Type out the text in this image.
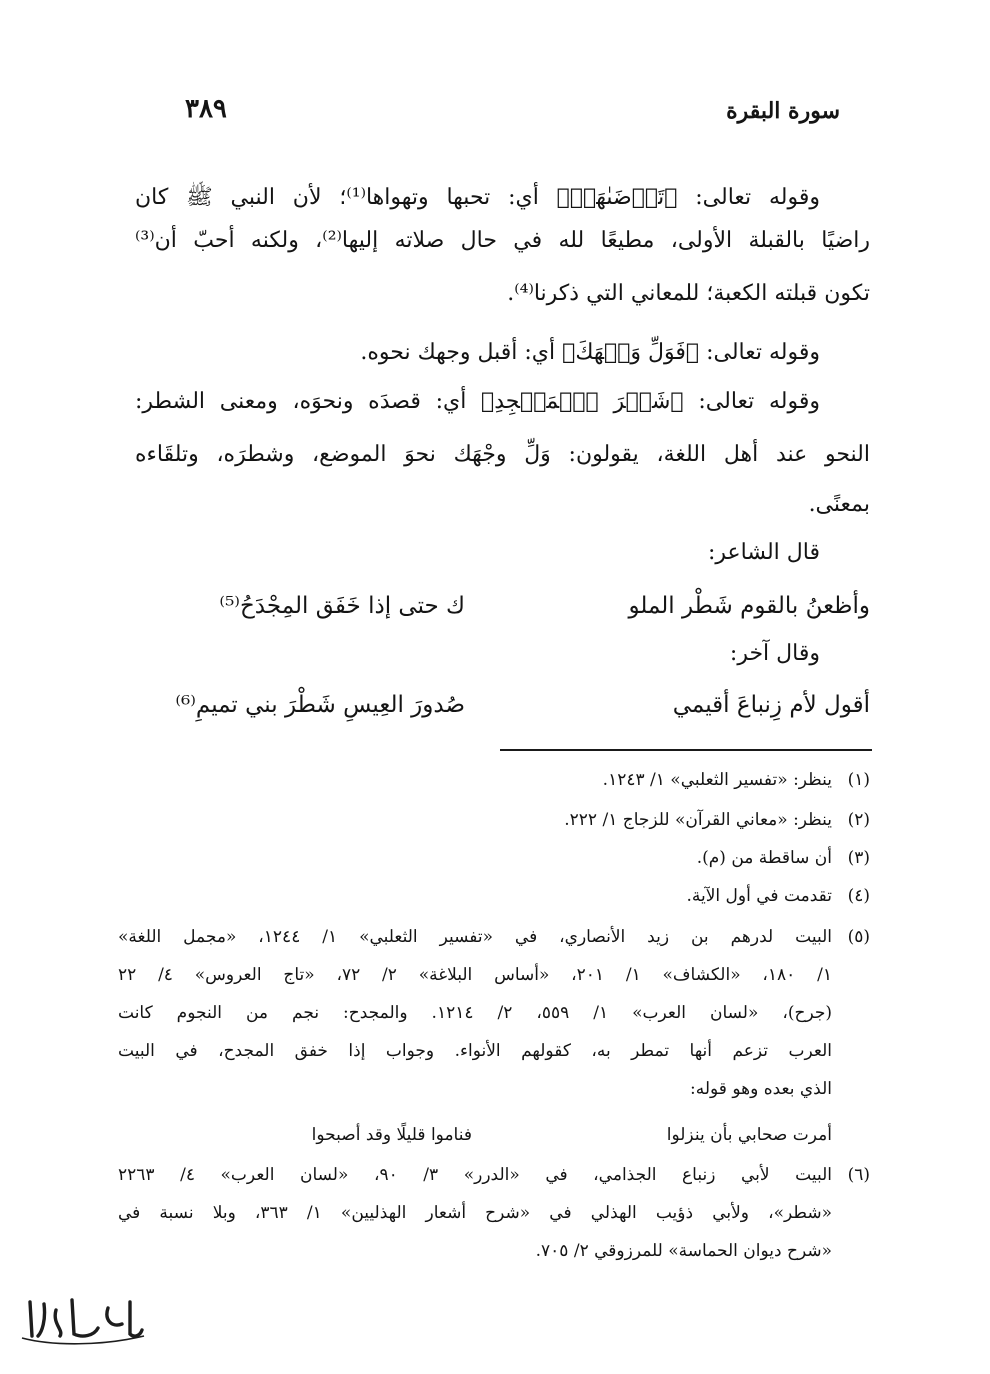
سورة البقرة
٣٨٩
وقوله تعالى: ﴿تَرۡضَىٰهَاۚ﴾ أي: تحبها وتهواها⁽¹⁾؛ لأن النبي ﷺ كان
راضيًا بالقبلة الأولى، مطيعًا لله في حال صلاته إليها⁽²⁾، ولكنه أحبّ أن⁽³⁾
تكون قبلته الكعبة؛ للمعاني التي ذكرنا⁽⁴⁾.
وقوله تعالى: ﴿فَوَلِّ وَجۡهَكَ﴾ أي: أقبل وجهك نحوه.
وقوله تعالى: ﴿شَطۡرَ ٱلۡمَسۡجِدِ﴾ أي: قصدَه ونحوَه، ومعنى الشطر:
النحو عند أهل اللغة، يقولون: وَلِّ وجْهَك نحوَ الموضع، وشطرَه، وتلقَاءه
بمعنًى.
قال الشاعر:
وأظعنُ بالقوم شَطْر الملو
ك حتى إذا خَفَق المِجْدَحُ⁽⁵⁾
وقال آخر:
أقول لأم زِنباعَ أقيمي
صُدورَ العِيسِ شَطْرَ بني تميمِ⁽⁶⁾
(١)
ينظر: «تفسير الثعلبي» ١/ ١٢٤٣.
(٢)
ينظر: «معاني القرآن» للزجاج ١/ ٢٢٢.
(٣)
أن ساقطة من (م).
(٤)
تقدمت في أول الآية.
(٥)
البيت لدرهم بن زيد الأنصاري، في «تفسير الثعلبي» ١/ ١٢٤٤، «مجمل اللغة»
١/ ١٨٠، «الكشاف» ١/ ٢٠١، «أساس البلاغة» ٢/ ٧٢، «تاج العروس» ٤/ ٢٢
(جرح)، «لسان العرب» ١/ ٥٥٩، ٢/ ١٢١٤. والمجدح: نجم من النجوم كانت
العرب تزعم أنها تمطر به، كقولهم الأنواء. وجواب إذا خفق المجدح، في البيت
الذي بعده وهو قوله:
أمرت صحابي بأن ينزلوا
فناموا قليلًا وقد أصبحوا
(٦)
البيت لأبي زنباع الجذامي، في «الدرر» ٣/ ٩٠، «لسان العرب» ٤/ ٢٢٦٣
«شطر»، ولأبي ذؤيب الهذلي في «شرح أشعار الهذليين» ١/ ٣٦٣، وبلا نسبة في
«شرح ديوان الحماسة» للمرزوقي ٢/ ٧٠٥.
